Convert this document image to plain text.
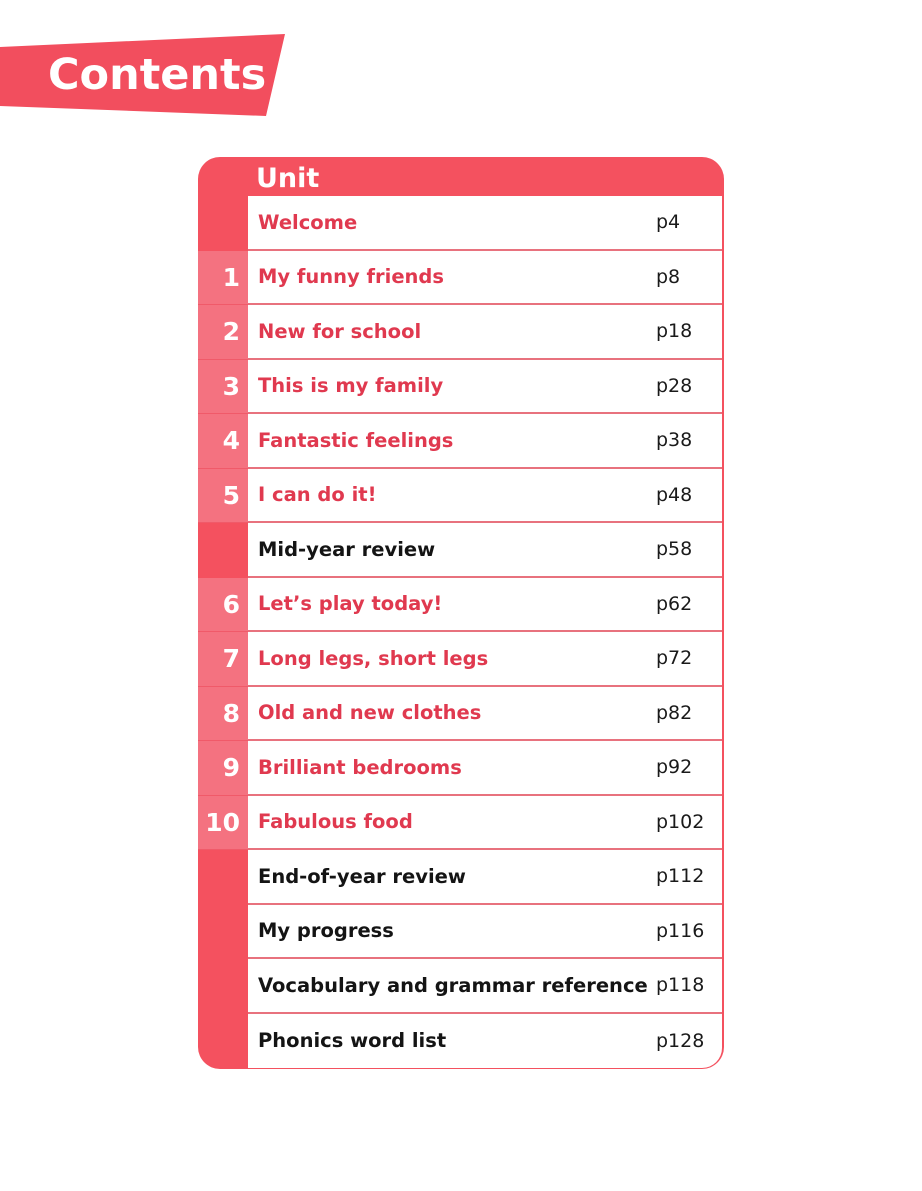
Contents
Unit
Welcome	p4
1 My funny friends	p8
2 New for school	p18
3 This is my family	p28
4 Fantastic feelings	p38
5 I can do it!	p48
Mid-year review	p58
6 Let’s play today!	p62
7 Long legs, short legs	p72
8 Old and new clothes	p82
9 Brilliant bedrooms	p92
10 Fabulous food	p102
End-of-year review	p112
My progress	p116
Vocabulary and grammar reference p118
Phonics word list	p128
